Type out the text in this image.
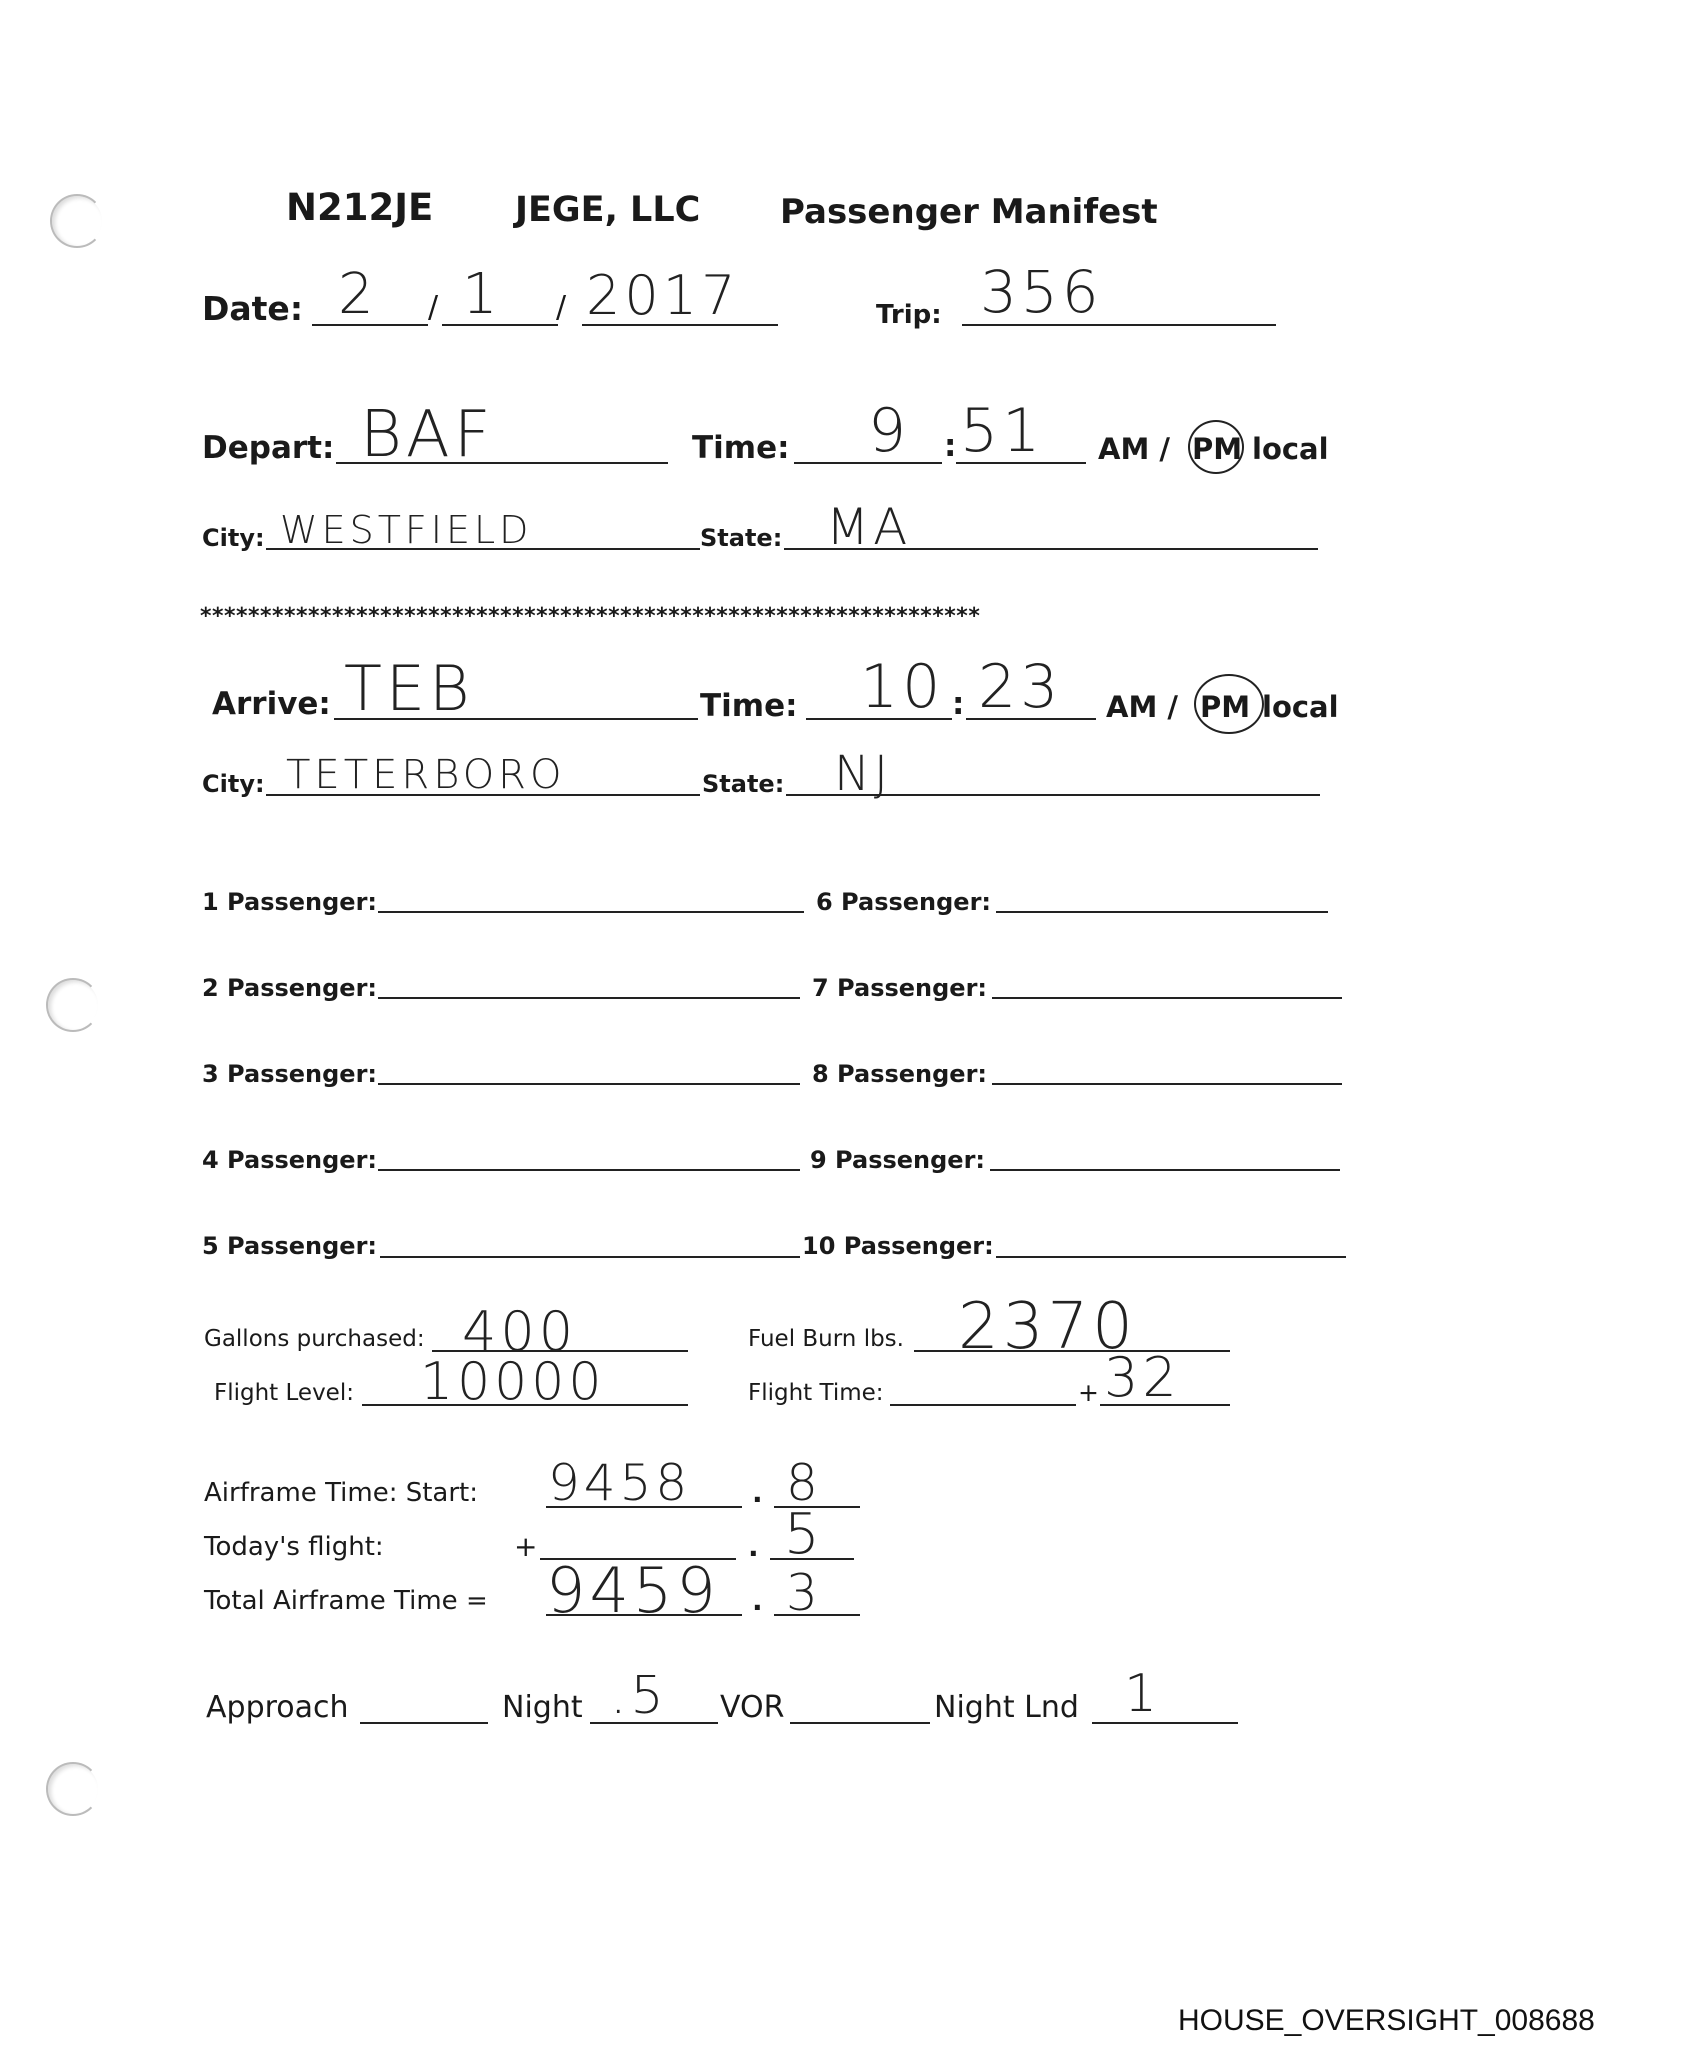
N212JE JEGE, LLC Passenger Manifest
Date: 2 / 1 / 2017	Trip: 356
Depart: BAF	Time: 9 : 51 AM / PM local
City: WESTFIELD	State: MA
*****************************************************************
Arrive: TEB	Time: 10 : 23 AM / PM local
City: TETERBORO	State: NJ
1 Passenger:
2 Passenger:
3 Passenger:
4 Passenger:
5 Passenger:
6 Passenger:
7 Passenger:
8 Passenger:
9 Passenger:
10 Passenger:
Gallons purchased: 400	Fuel Burn lbs. 2370
Flight Level: 10000	Flight Time:	+ 32
Airframe Time: Start: 9458 . 8
Today's flight:	+	. 5
Total Airframe Time = 9459 . 3
Approach	Night .5 VOR	Night Lnd 1
HOUSE_OVERSIGHT_008688
